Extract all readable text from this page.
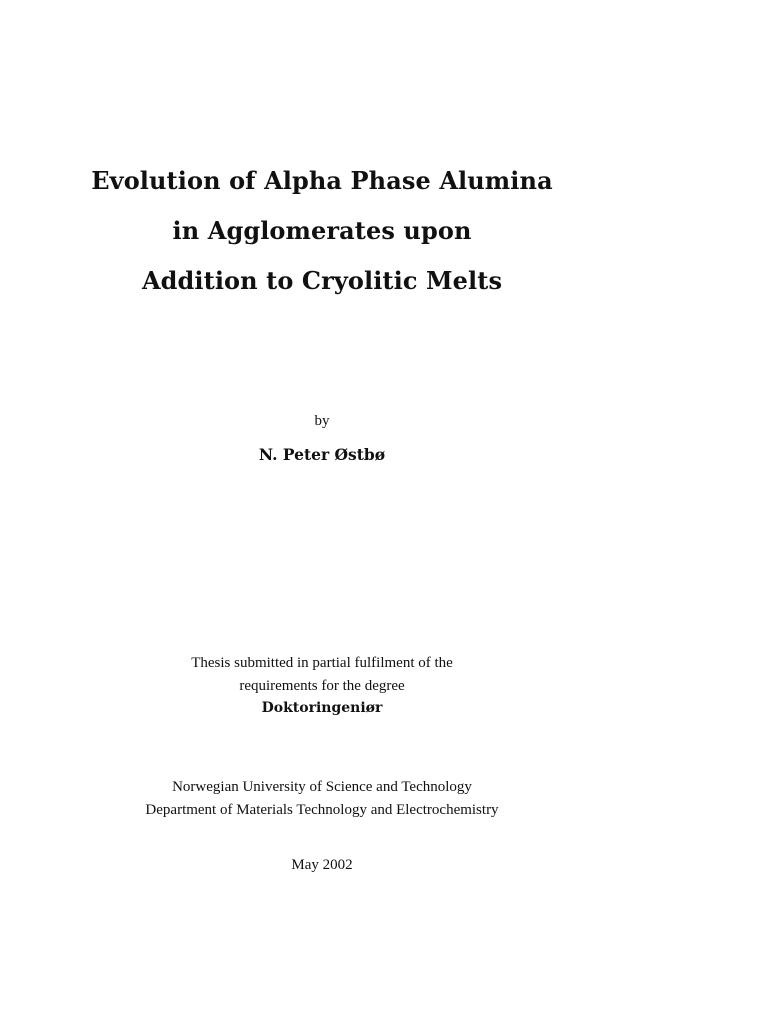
Evolution of Alpha Phase Alumina
in Agglomerates upon
Addition to Cryolitic Melts
by
N. Peter Østbø
Thesis submitted in partial fulfilment of the
requirements for the degree
Doktoringeniør
Norwegian University of Science and Technology
Department of Materials Technology and Electrochemistry
May 2002
